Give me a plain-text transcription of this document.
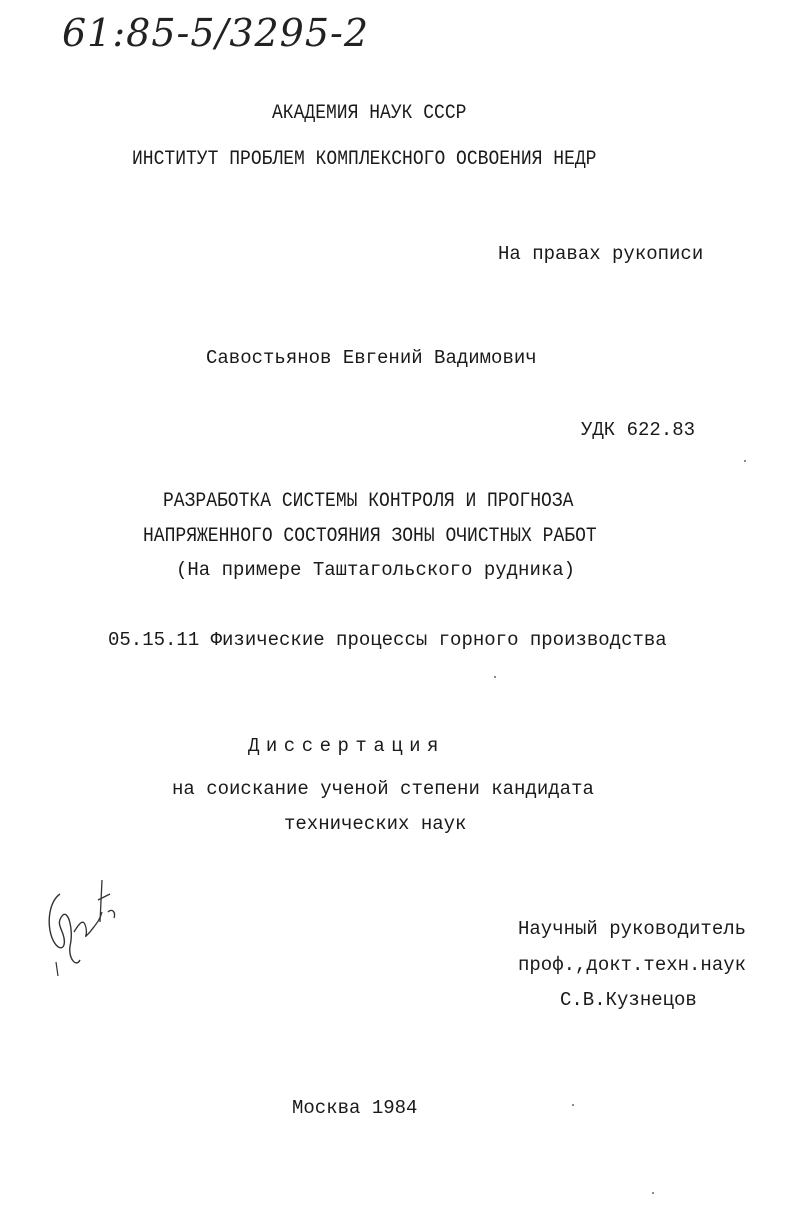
61:85-5/3295-2
АКАДЕМИЯ НАУК СССР
ИНСТИТУТ ПРОБЛЕМ КОМПЛЕКСНОГО ОСВОЕНИЯ НЕДР
На правах рукописи
Савостьянов Евгений Вадимович
УДК 622.83
РАЗРАБОТКА СИСТЕМЫ КОНТРОЛЯ И ПРОГНОЗА
НАПРЯЖЕННОГО СОСТОЯНИЯ ЗОНЫ ОЧИСТНЫХ РАБОТ
(На примере Таштагольского рудника)
05.15.11 Физические процессы горного производства
Диссертация
на соискание ученой степени кандидата
технических наук
Научный руководитель
проф.,докт.техн.наук
С.В.Кузнецов
Москва 1984
